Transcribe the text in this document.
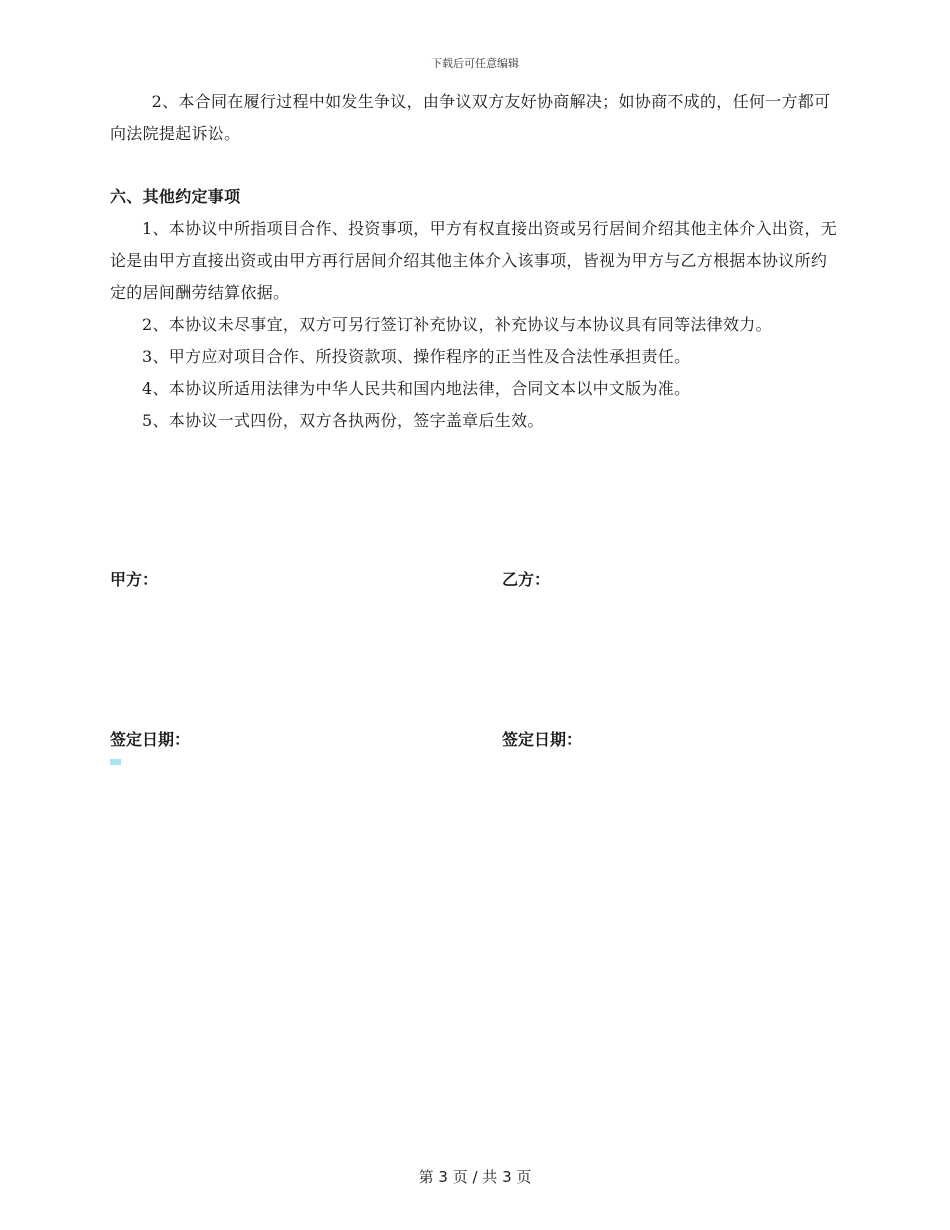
下载后可任意编辑

2、本合同在履行过程中如发生争议，由争议双方友好协商解决；如协商不成的，任何一方都可向法院提起诉讼。

六、其他约定事项

1、本协议中所指项目合作、投资事项，甲方有权直接出资或另行居间介绍其他主体介入出资，无论是由甲方直接出资或由甲方再行居间介绍其他主体介入该事项，皆视为甲方与乙方根据本协议所约定的居间酬劳结算依据。

2、本协议未尽事宜，双方可另行签订补充协议，补充协议与本协议具有同等法律效力。

3、甲方应对项目合作、所投资款项、操作程序的正当性及合法性承担责任。

4、本协议所适用法律为中华人民共和国内地法律，合同文本以中文版为准。

5、本协议一式四份，双方各执两份，签字盖章后生效。

甲方：	乙方：
签定日期：	签定日期：
第 3 页 / 共 3 页
